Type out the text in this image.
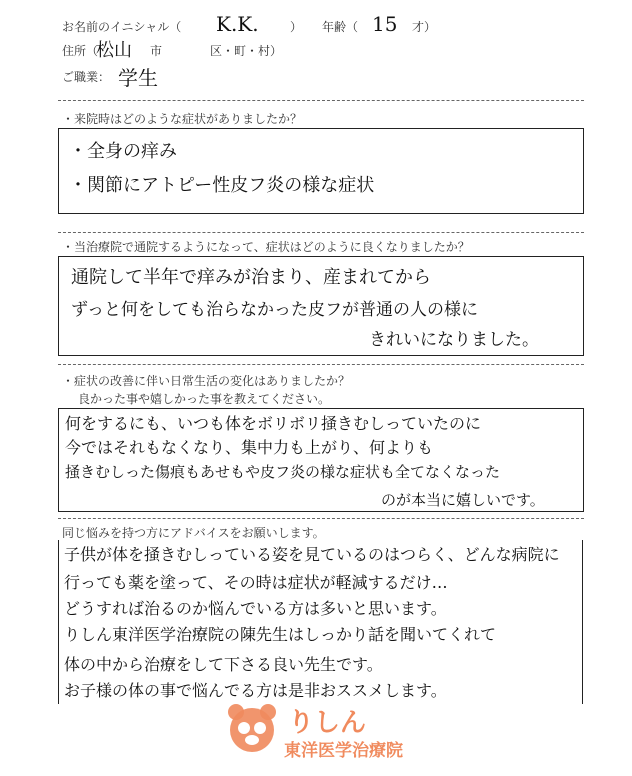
お名前のイニシャル（ K.K.	） 年齢（ 15 才）
住所（
松山 市	区・町・村）
ご職業： 学生
・来院時はどのような症状がありましたか？
・全身の痒み
・関節にアトピー性皮フ炎の様な症状
・当治療院で通院するようになって、症状はどのように良くなりましたか？
通院して半年で痒みが治まり、産まれてから
ずっと何をしても治らなかった皮フが普通の人の様に
きれいになりました。
・症状の改善に伴い日常生活の変化はありましたか？
良かった事や嬉しかった事を教えてください。
何をするにも、いつも体をボリボリ掻きむしっていたのに
今ではそれもなくなり、集中力も上がり、何よりも
掻きむしった傷痕もあせもや皮フ炎の様な症状も全てなくなった
のが本当に嬉しいです。
同じ悩みを持つ方にアドバイスをお願いします。
子供が体を掻きむしっている姿を見ているのはつらく、どんな病院に
行っても薬を塗って、その時は症状が軽減するだけ…
どうすれば治るのか悩んでいる方は多いと思います。
りしん東洋医学治療院の陳先生はしっかり話を聞いてくれて
体の中から治療をして下さる良い先生です。
お子様の体の事で悩んでる方は是非おススメします。
りしん
東洋医学治療院
